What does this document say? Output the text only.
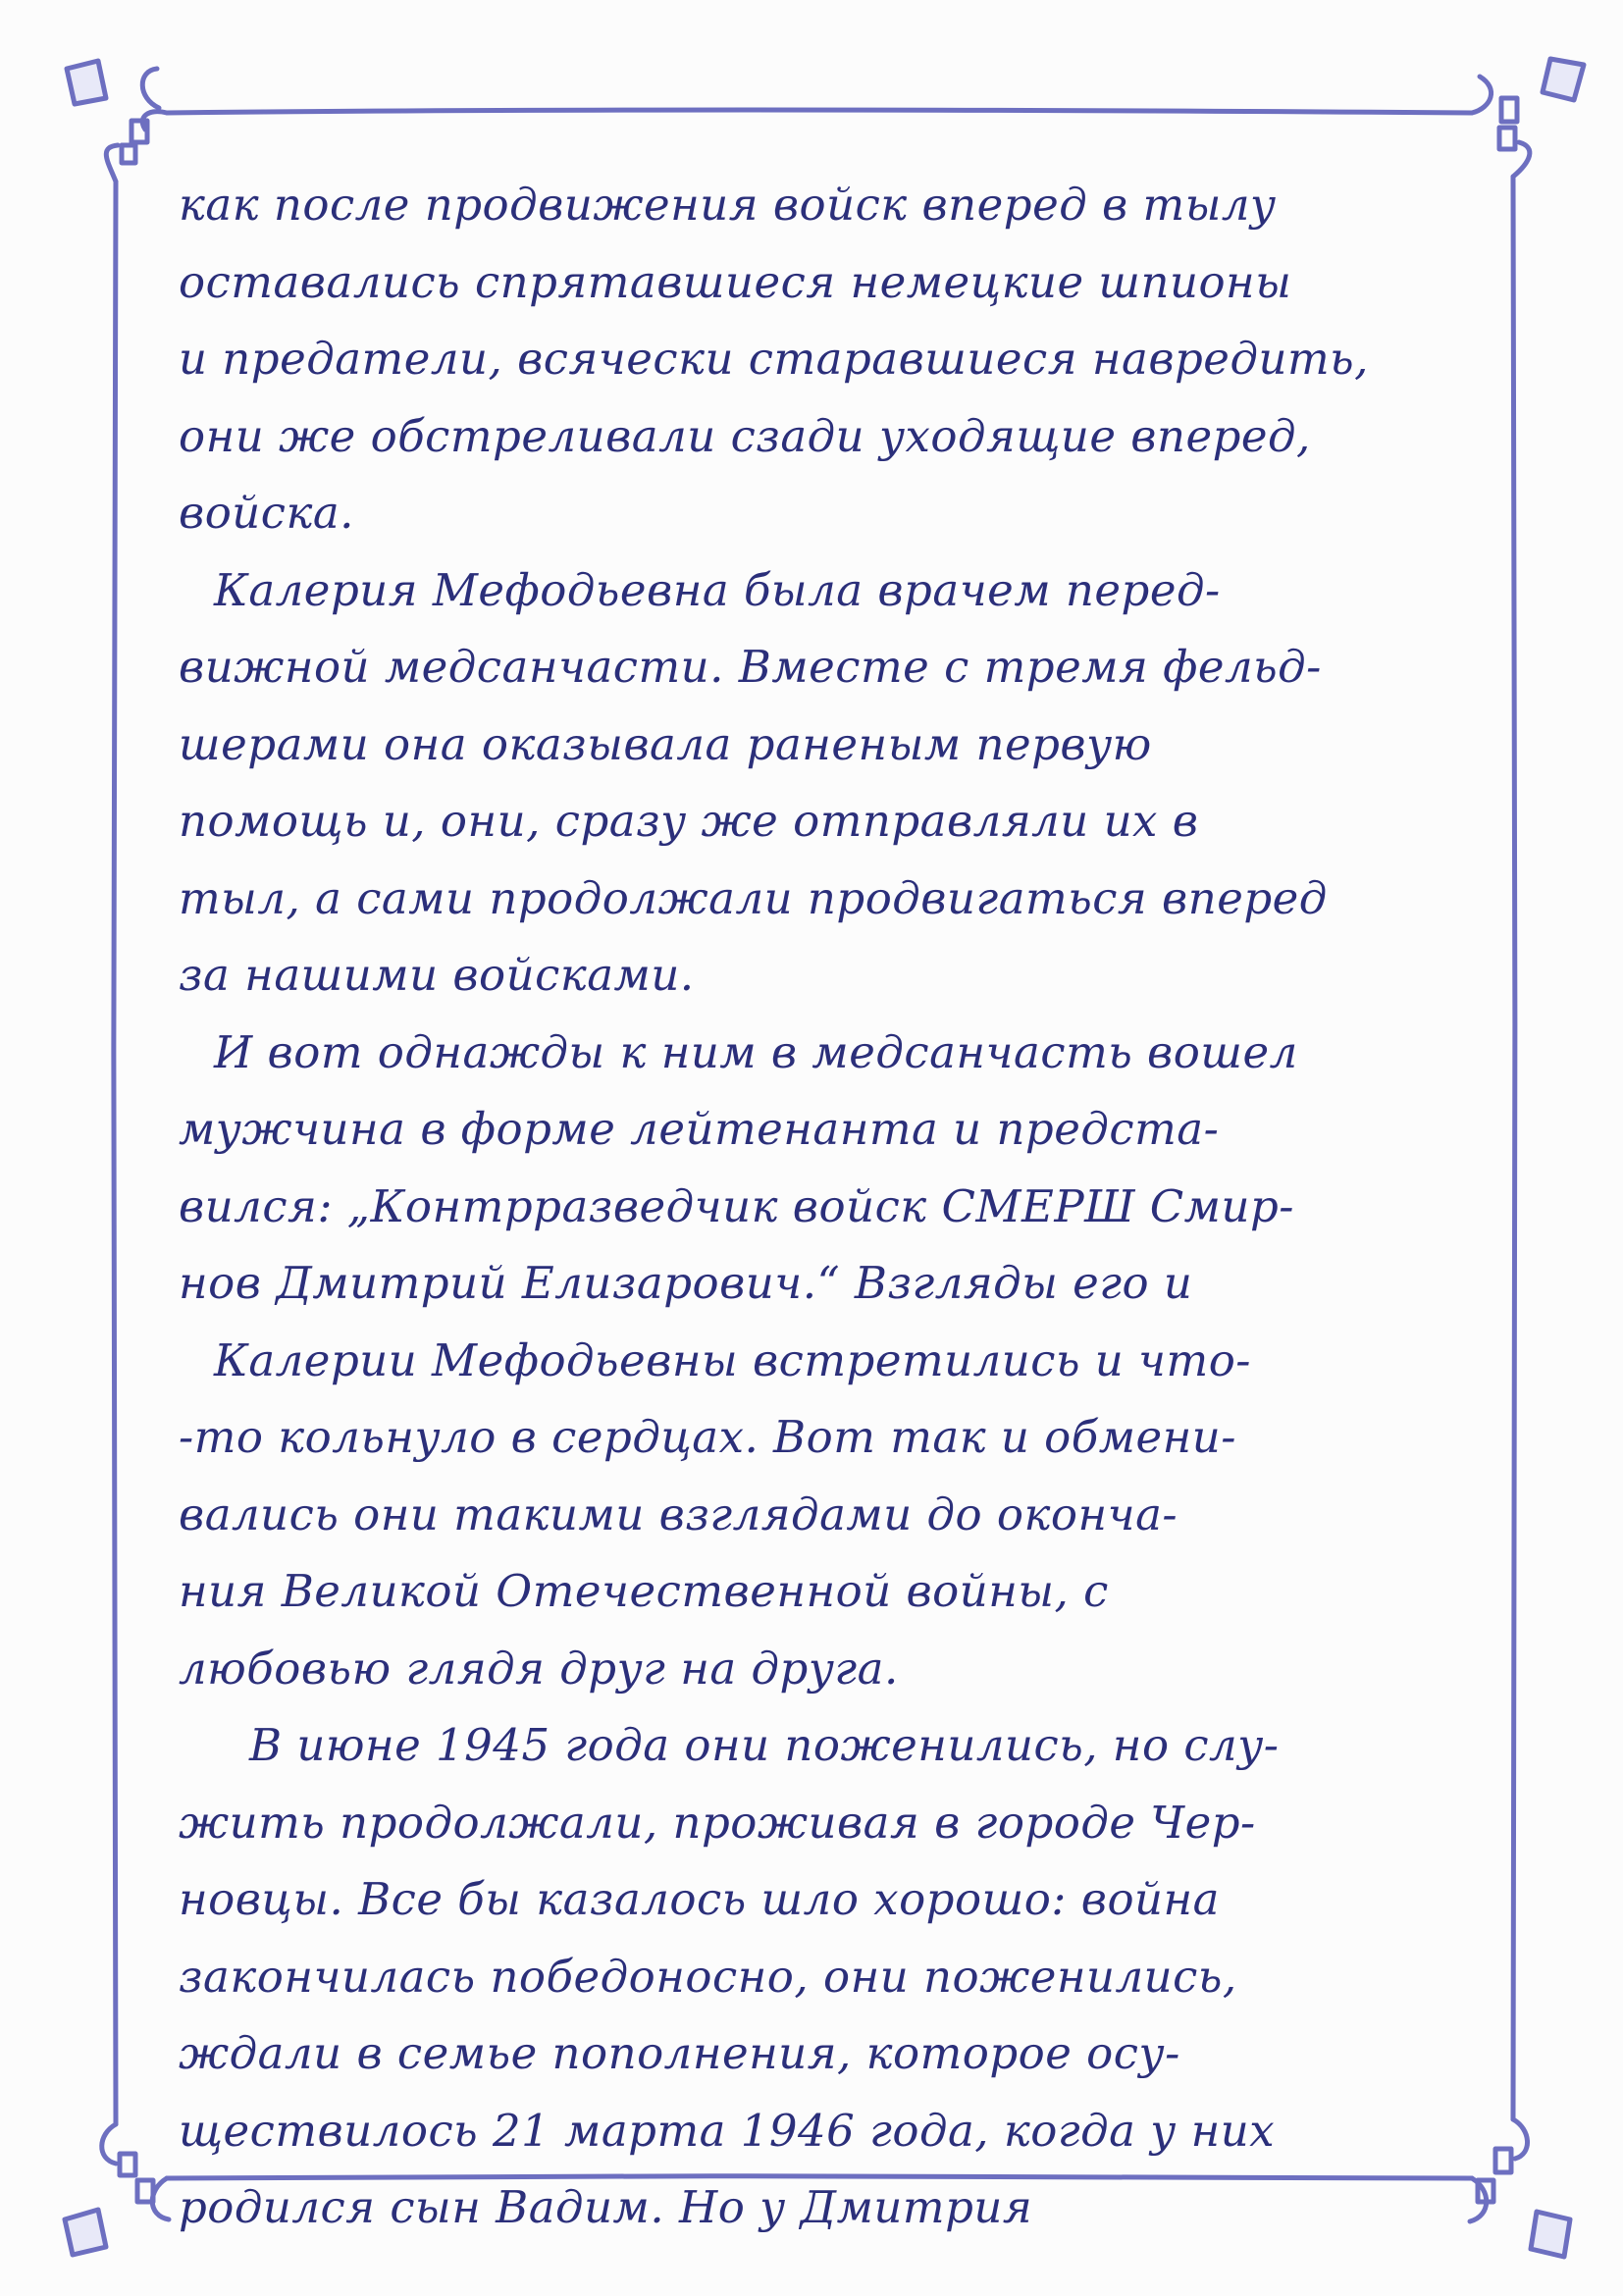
как после продвижения войск вперед в тылу
оставались спрятавшиеся немецкие шпионы
и предатели, всячески старавшиеся навредить,
они же обстреливали сзади уходящие вперед,
войска.
Калерия Мефодьевна была врачем перед-
вижной медсанчасти. Вместе с тремя фельд-
шерами она оказывала раненым первую
помощь и, они, сразу же отправляли их в
тыл, а сами продолжали продвигаться вперед
за нашими войсками.
И вот однажды к ним в медсанчасть вошел
мужчина в форме лейтенанта и предста-
вился: „Контрразведчик войск СМЕРШ Смир-
нов Дмитрий Елизарович.“ Взгляды его и
Калерии Мефодьевны встретились и что-
-то кольнуло в сердцах. Вот так и обмени-
вались они такими взглядами до оконча-
ния Великой Отечественной войны, с
любовью глядя друг на друга.
В июне 1945 года они поженились, но слу-
жить продолжали, проживая в городе Чер-
новцы. Все бы казалось шло хорошо: война
закончилась победоносно, они поженились,
ждали в семье пополнения, которое осу-
ществилось 21 марта 1946 года, когда у них
родился сын Вадим. Но у Дмитрия
